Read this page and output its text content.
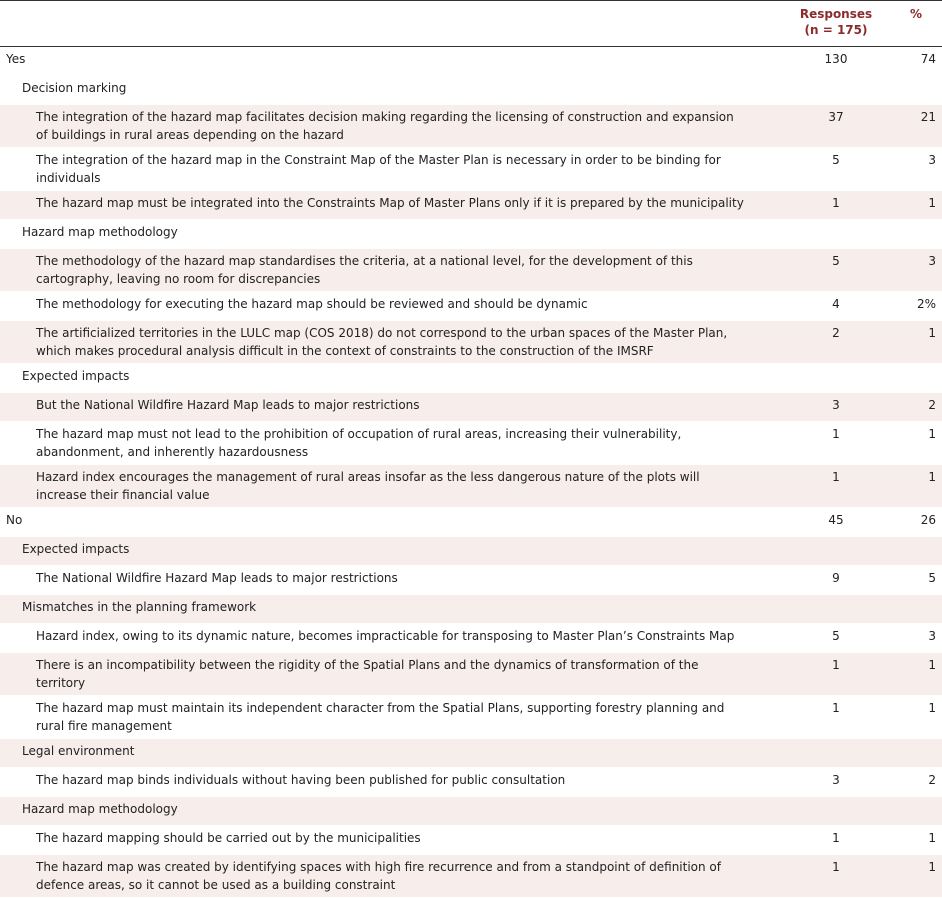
	Responses
(n = 175)	%
Yes	130	74
Decision marking		
The integration of the hazard map facilitates decision making regarding the licensing of construction and expansion of buildings in rural areas depending on the hazard	37	21
The integration of the hazard map in the Constraint Map of the Master Plan is necessary in order to be binding for individuals	5	3
The hazard map must be integrated into the Constraints Map of Master Plans only if it is prepared by the municipality	1	1
Hazard map methodology		
The methodology of the hazard map standardises the criteria, at a national level, for the development of this cartography, leaving no room for discrepancies	5	3
The methodology for executing the hazard map should be reviewed and should be dynamic	4	2%
The artificialized territories in the LULC map (COS 2018) do not correspond to the urban spaces of the Master Plan, which makes procedural analysis difficult in the context of constraints to the construction of the IMSRF	2	1
Expected impacts		
But the National Wildfire Hazard Map leads to major restrictions	3	2
The hazard map must not lead to the prohibition of occupation of rural areas, increasing their vulnerability, abandonment, and inherently hazardousness	1	1
Hazard index encourages the management of rural areas insofar as the less dangerous nature of the plots will increase their financial value	1	1
No	45	26
Expected impacts		
The National Wildfire Hazard Map leads to major restrictions	9	5
Mismatches in the planning framework		
Hazard index, owing to its dynamic nature, becomes impracticable for transposing to Master Plan’s Constraints Map	5	3
There is an incompatibility between the rigidity of the Spatial Plans and the dynamics of transformation of the territory	1	1
The hazard map must maintain its independent character from the Spatial Plans, supporting forestry planning and rural fire management	1	1
Legal environment		
The hazard map binds individuals without having been published for public consultation	3	2
Hazard map methodology		
The hazard mapping should be carried out by the municipalities	1	1
The hazard map was created by identifying spaces with high fire recurrence and from a standpoint of definition of defence areas, so it cannot be used as a building constraint	1	1
